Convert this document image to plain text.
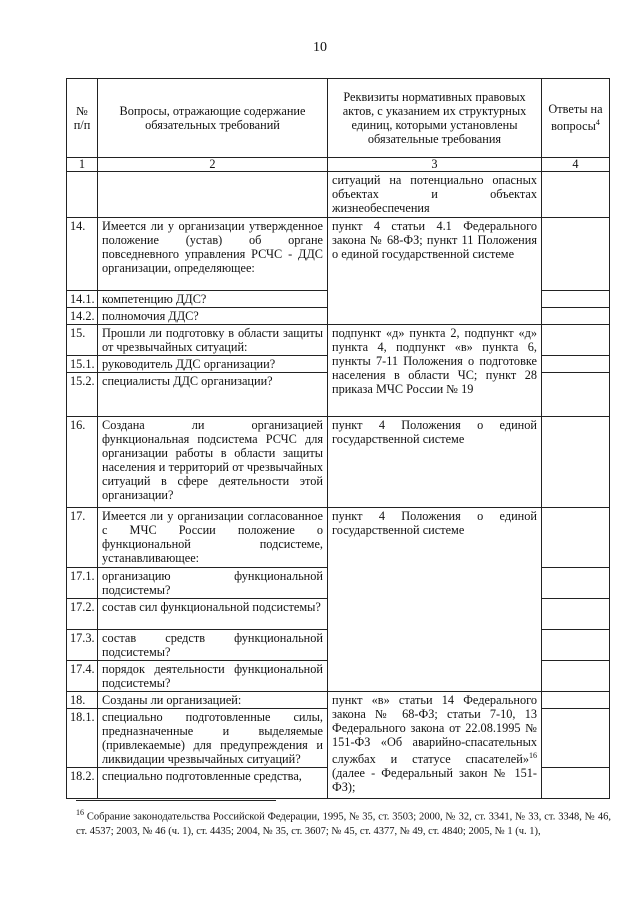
10
№ п/п	Вопросы, отражающие содержание обязательных требований	Реквизиты нормативных правовых актов, с указанием их структурных единиц, которыми установлены обязательные требования	Ответы на вопросы$^4$
1	2	3	4
		ситуаций на потенциально опасных объектах и объектах жизнеобеспечения	
14.	Имеется ли у организации утвержденное положение (устав) об органе повседневного управления РСЧС - ДДС организации, определяющее:	пункт 4 статьи 4.1 Федерального закона № 68-ФЗ; пункт 11 Положения о единой государственной системе	
14.1.	компетенцию ДДС?		
14.2.	полномочия ДДС?		
15.	Прошли ли подготовку в области защиты от чрезвычайных ситуаций:	подпункт «д» пункта 2, подпункт «д» пункта 4, подпункт «в» пункта 6, пункты 7-11 Положения о подготовке населения в области ЧС; пункт 28 приказа МЧС России № 19	
15.1.	руководитель ДДС организации?		
15.2.	специалисты ДДС организации?		
16.	Создана ли организацией функциональная подсистема РСЧС для организации работы в области защиты населения и территорий от чрезвычайных ситуаций в сфере деятельности этой организации?	пункт 4 Положения о единой государственной системе	
17.	Имеется ли у организации согласованное с МЧС России положение о функциональной подсистеме, устанавливающее:	пункт 4 Положения о единой государственной системе	
17.1.	организацию функциональной подсистемы?		
17.2.	состав сил функциональной подсистемы?		
17.3.	состав средств функциональной подсистемы?		
17.4.	порядок деятельности функциональной подсистемы?		
18.	Созданы ли организацией:	пункт «в» статьи 14 Федерального закона № 68-ФЗ; статьи 7-10, 13 Федерального закона от 22.08.1995 № 151-ФЗ «Об аварийно-спасательных службах и статусе спасателей»$^{16}$ (далее - Федеральный закон № 151-ФЗ);	
18.1.	специально подготовленные силы, предназначенные и выделяемые (привлекаемые) для предупреждения и ликвидации чрезвычайных ситуаций?		
18.2.	специально подготовленные средства,		
$^{16}$ Собрание законодательства Российской Федерации, 1995, № 35, ст. 3503; 2000, № 32, ст. 3341, № 33, ст. 3348, № 46, ст. 4537; 2003, № 46 (ч. 1), ст. 4435; 2004, № 35, ст. 3607; № 45, ст. 4377, № 49, ст. 4840; 2005, № 1 (ч. 1),
